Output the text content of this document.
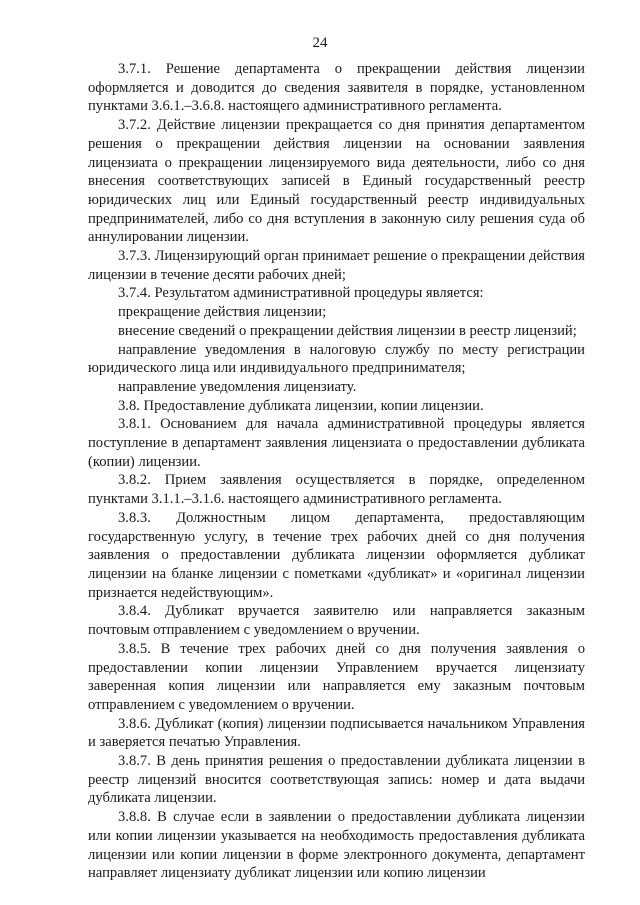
24

3.7.1. Решение департамента о прекращении действия лицензии оформляется и доводится до сведения заявителя в порядке, установленном пунктами 3.6.1.–3.6.8. настоящего административного регламента.

3.7.2. Действие лицензии прекращается со дня принятия департаментом решения о прекращении действия лицензии на основании заявления лицензиата о прекращении лицензируемого вида деятельности, либо со дня внесения соответствующих записей в Единый государственный реестр юридических лиц или Единый государственный реестр индивидуальных предпринимателей, либо со дня вступления в законную силу решения суда об аннулировании лицензии.

3.7.3. Лицензирующий орган принимает решение о прекращении действия лицензии в течение десяти рабочих дней;

3.7.4. Результатом административной процедуры является:

прекращение действия лицензии;

внесение сведений о прекращении действия лицензии в реестр лицензий;

направление уведомления в налоговую службу по месту регистрации юридического лица или индивидуального предпринимателя;

направление уведомления лицензиату.

3.8. Предоставление дубликата лицензии, копии лицензии.

3.8.1. Основанием для начала административной процедуры является поступление в департамент заявления лицензиата о предоставлении дубликата (копии) лицензии.

3.8.2. Прием заявления осуществляется в порядке, определенном пунктами 3.1.1.–3.1.6. настоящего административного регламента.

3.8.3. Должностным лицом департамента, предоставляющим государственную услугу, в течение трех рабочих дней со дня получения заявления о предоставлении дубликата лицензии оформляется дубликат лицензии на бланке лицензии с пометками «дубликат» и «оригинал лицензии признается недействующим».

3.8.4. Дубликат вручается заявителю или направляется заказным почтовым отправлением с уведомлением о вручении.

3.8.5. В течение трех рабочих дней со дня получения заявления о предоставлении копии лицензии Управлением вручается лицензиату заверенная копия лицензии или направляется ему заказным почтовым отправлением с уведомлением о вручении.

3.8.6. Дубликат (копия) лицензии подписывается начальником Управления и заверяется печатью Управления.

3.8.7. В день принятия решения о предоставлении дубликата лицензии в реестр лицензий вносится соответствующая запись: номер и дата выдачи дубликата лицензии.

3.8.8. В случае если в заявлении о предоставлении дубликата лицензии или копии лицензии указывается на необходимость предоставления дубликата лицензии или копии лицензии в форме электронного документа, департамент направляет лицензиату дубликат лицензии или копию лицензии
